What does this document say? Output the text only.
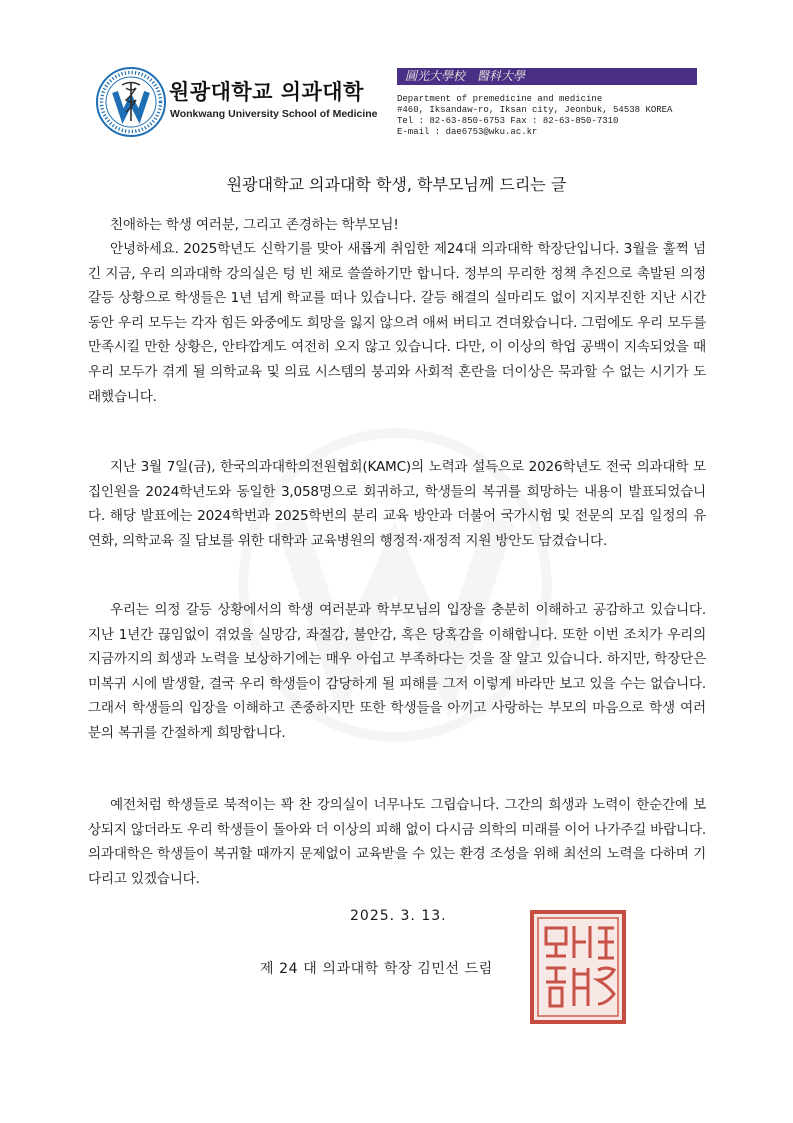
원광대학교 의과대학
Wonkwang University School of Medicine
圓光大學校　醫科大學
Department of premedicine and medicine
#460, Iksandaw-ro, Iksan city, Jeonbuk, 54538 KOREA
Tel : 82-63-850-6753 Fax : 82-63-850-7310
E-mail : dae6753@wku.ac.kr
원광대학교 의과대학 학생, 학부모님께 드리는 글
친애하는 학생 여러분, 그리고 존경하는 학부모님!
안녕하세요. 2025학년도 신학기를 맞아 새롭게 취임한 제24대 의과대학 학장단입니다. 3월을 훌쩍 넘긴 지금, 우리 의과대학 강의실은 텅 빈 채로 쓸쓸하기만 합니다. 정부의 무리한 정책 추진으로 촉발된 의정 갈등 상황으로 학생들은 1년 넘게 학교를 떠나 있습니다. 갈등 해결의 실마리도 없이 지지부진한 지난 시간 동안 우리 모두는 각자 힘든 와중에도 희망을 잃지 않으려 애써 버티고 견뎌왔습니다. 그럼에도 우리 모두를 만족시킬 만한 상황은, 안타깝게도 여전히 오지 않고 있습니다. 다만, 이 이상의 학업 공백이 지속되었을 때 우리 모두가 겪게 될 의학교육 및 의료 시스템의 붕괴와 사회적 혼란을 더이상은 묵과할 수 없는 시기가 도래했습니다.
지난 3월 7일(금), 한국의과대학의전원협회(KAMC)의 노력과 설득으로 2026학년도 전국 의과대학 모집인원을 2024학년도와 동일한 3,058명으로 회귀하고, 학생들의 복귀를 희망하는 내용이 발표되었습니다. 해당 발표에는 2024학번과 2025학번의 분리 교육 방안과 더불어 국가시험 및 전문의 모집 일정의 유연화, 의학교육 질 담보를 위한 대학과 교육병원의 행정적·재정적 지원 방안도 담겼습니다.
우리는 의정 갈등 상황에서의 학생 여러분과 학부모님의 입장을 충분히 이해하고 공감하고 있습니다. 지난 1년간 끊임없이 겪었을 실망감, 좌절감, 불안감, 혹은 당혹감을 이해합니다. 또한 이번 조치가 우리의 지금까지의 희생과 노력을 보상하기에는 매우 아쉽고 부족하다는 것을 잘 알고 있습니다. 하지만, 학장단은 미복귀 시에 발생할, 결국 우리 학생들이 감당하게 될 피해를 그저 이렇게 바라만 보고 있을 수는 없습니다. 그래서 학생들의 입장을 이해하고 존중하지만 또한 학생들을 아끼고 사랑하는 부모의 마음으로 학생 여러분의 복귀를 간절하게 희망합니다.
예전처럼 학생들로 북적이는 꽉 찬 강의실이 너무나도 그립습니다. 그간의 희생과 노력이 한순간에 보상되지 않더라도 우리 학생들이 돌아와 더 이상의 피해 없이 다시금 의학의 미래를 이어 나가주길 바랍니다. 의과대학은 학생들이 복귀할 때까지 문제없이 교육받을 수 있는 환경 조성을 위해 최선의 노력을 다하며 기다리고 있겠습니다.
2025. 3. 13.
제 24 대 의과대학 학장 김민선 드림
